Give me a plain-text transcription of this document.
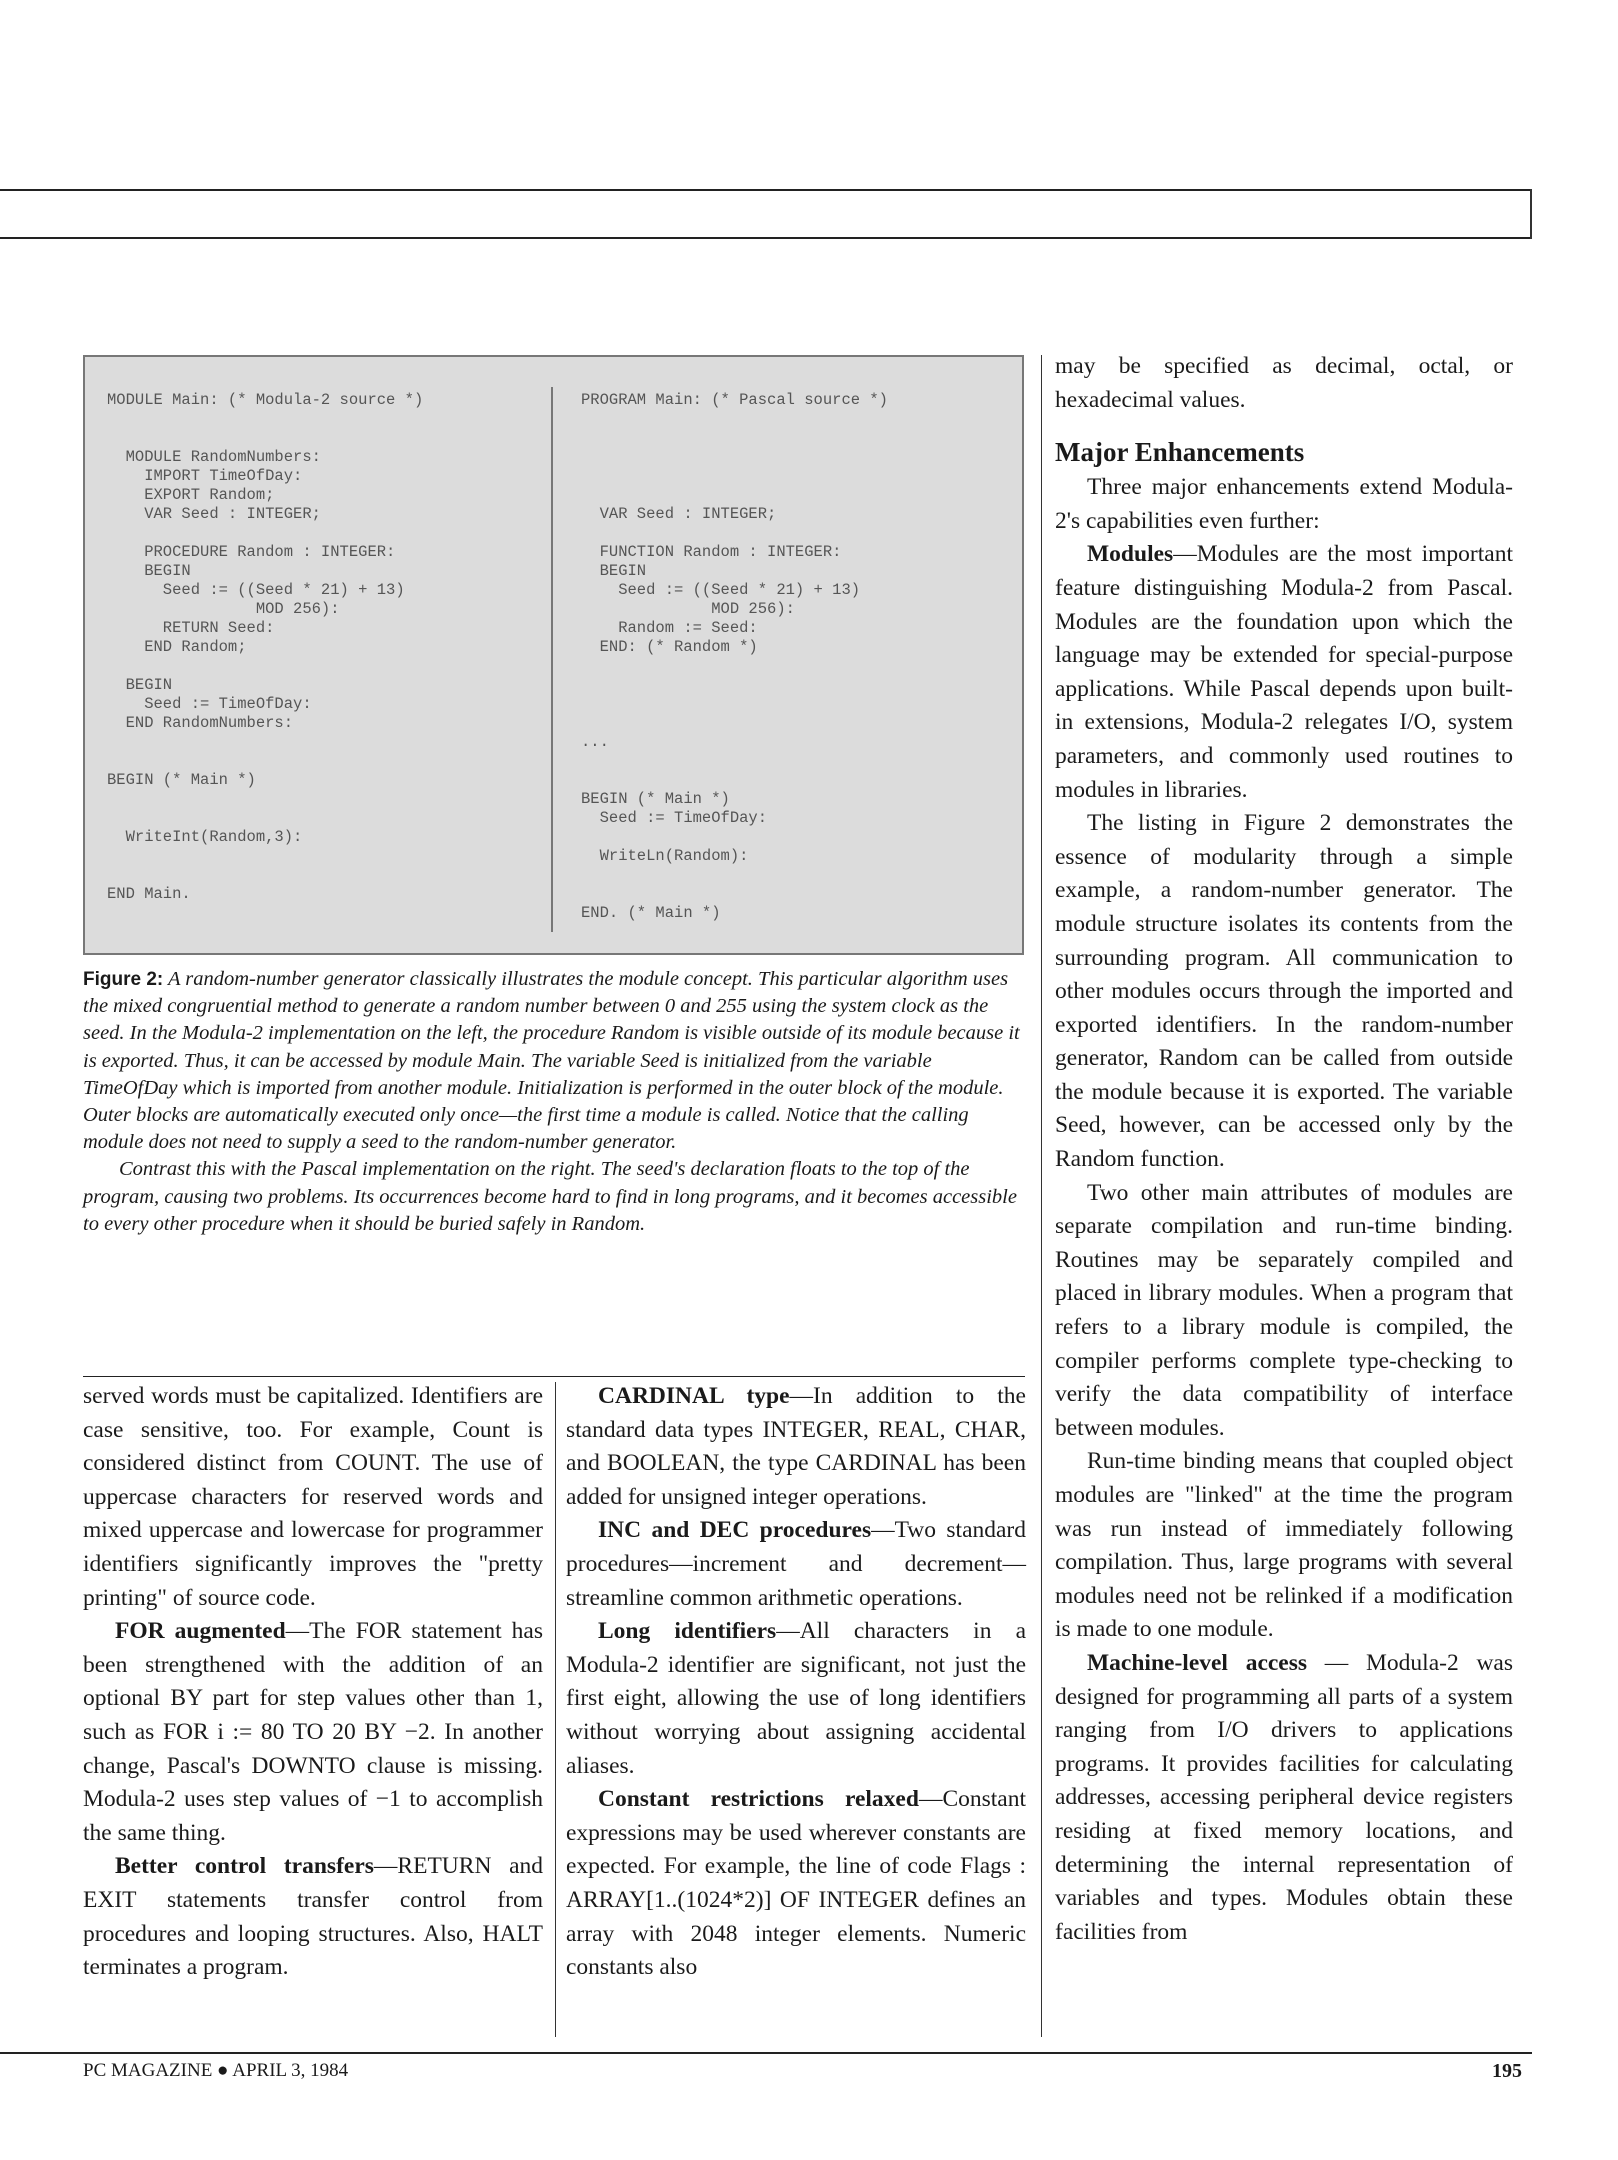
MODULE Main: (* Modula-2 source *)

MODULE RandomNumbers:
IMPORT TimeOfDay:
EXPORT Random;
VAR Seed : INTEGER;

PROCEDURE Random : INTEGER:
BEGIN
Seed := ((Seed * 21) + 13)
MOD 256):
RETURN Seed:
END Random;

BEGIN
Seed := TimeOfDay:
END RandomNumbers:

BEGIN (* Main *)

WriteInt(Random,3):

END Main.
PROGRAM Main: (* Pascal source *)

VAR Seed : INTEGER;

FUNCTION Random : INTEGER:
BEGIN
Seed := ((Seed * 21) + 13)
MOD 256):
Random := Seed:
END: (* Random *)

...

BEGIN (* Main *)
Seed := TimeOfDay:

WriteLn(Random):

END. (* Main *)

Figure 2: A random-number generator classically illustrates the module concept. This particular algorithm uses the mixed congruential method to generate a random number between 0 and 255 using the system clock as the seed. In the Modula-2 implementation on the left, the procedure Random is visible outside of its module because it is exported. Thus, it can be accessed by module Main. The variable Seed is initialized from the variable TimeOfDay which is imported from another module. Initialization is performed in the outer block of the module. Outer blocks are automatically executed only once—the first time a module is called. Notice that the calling module does not need to supply a seed to the random-number generator.

Contrast this with the Pascal implementation on the right. The seed's declaration floats to the top of the program, causing two problems. Its occurrences become hard to find in long programs, and it becomes accessible to every other procedure when it should be buried safely in Random.

served words must be capitalized. Identifiers are case sensitive, too. For example, Count is considered distinct from COUNT. The use of uppercase characters for reserved words and mixed uppercase and lowercase for programmer identifiers significantly improves the "pretty printing" of source code.

FOR augmented—The FOR statement has been strengthened with the addition of an optional BY part for step values other than 1, such as FOR i := 80 TO 20 BY −2. In another change, Pascal's DOWNTO clause is missing. Modula-2 uses step values of −1 to accomplish the same thing.

Better control transfers—RETURN and EXIT statements transfer control from procedures and looping structures. Also, HALT terminates a program.

CARDINAL type—In addition to the standard data types INTEGER, REAL, CHAR, and BOOLEAN, the type CARDINAL has been added for unsigned integer operations.

INC and DEC procedures—Two standard procedures—increment and decrement—streamline common arithmetic operations.

Long identifiers—All characters in a Modula-2 identifier are significant, not just the first eight, allowing the use of long identifiers without worrying about assigning accidental aliases.

Constant restrictions relaxed—Constant expressions may be used wherever constants are expected. For example, the line of code Flags : ARRAY[1..(1024*2)] OF INTEGER defines an array with 2048 integer elements. Numeric constants also

may be specified as decimal, octal, or hexadecimal values.

Major Enhancements

Three major enhancements extend Modula-2's capabilities even further:

Modules—Modules are the most important feature distinguishing Modula-2 from Pascal. Modules are the foundation upon which the language may be extended for special-purpose applications. While Pascal depends upon built-in extensions, Modula-2 relegates I/O, system parameters, and commonly used routines to modules in libraries.

The listing in Figure 2 demonstrates the essence of modularity through a simple example, a random-number generator. The module structure isolates its contents from the surrounding program. All communication to other modules occurs through the imported and exported identifiers. In the random-number generator, Random can be called from outside the module because it is exported. The variable Seed, however, can be accessed only by the Random function.

Two other main attributes of modules are separate compilation and run-time binding. Routines may be separately compiled and placed in library modules. When a program that refers to a library module is compiled, the compiler performs complete type-checking to verify the data compatibility of interface between modules.

Run-time binding means that coupled object modules are "linked" at the time the program was run instead of immediately following compilation. Thus, large programs with several modules need not be relinked if a modification is made to one module.

Machine-level access — Modula-2 was designed for programming all parts of a system ranging from I/O drivers to applications programs. It provides facilities for calculating addresses, accessing peripheral device registers residing at fixed memory locations, and determining the internal representation of variables and types. Modules obtain these facilities from

PC MAGAZINE ● APRIL 3, 1984	195
